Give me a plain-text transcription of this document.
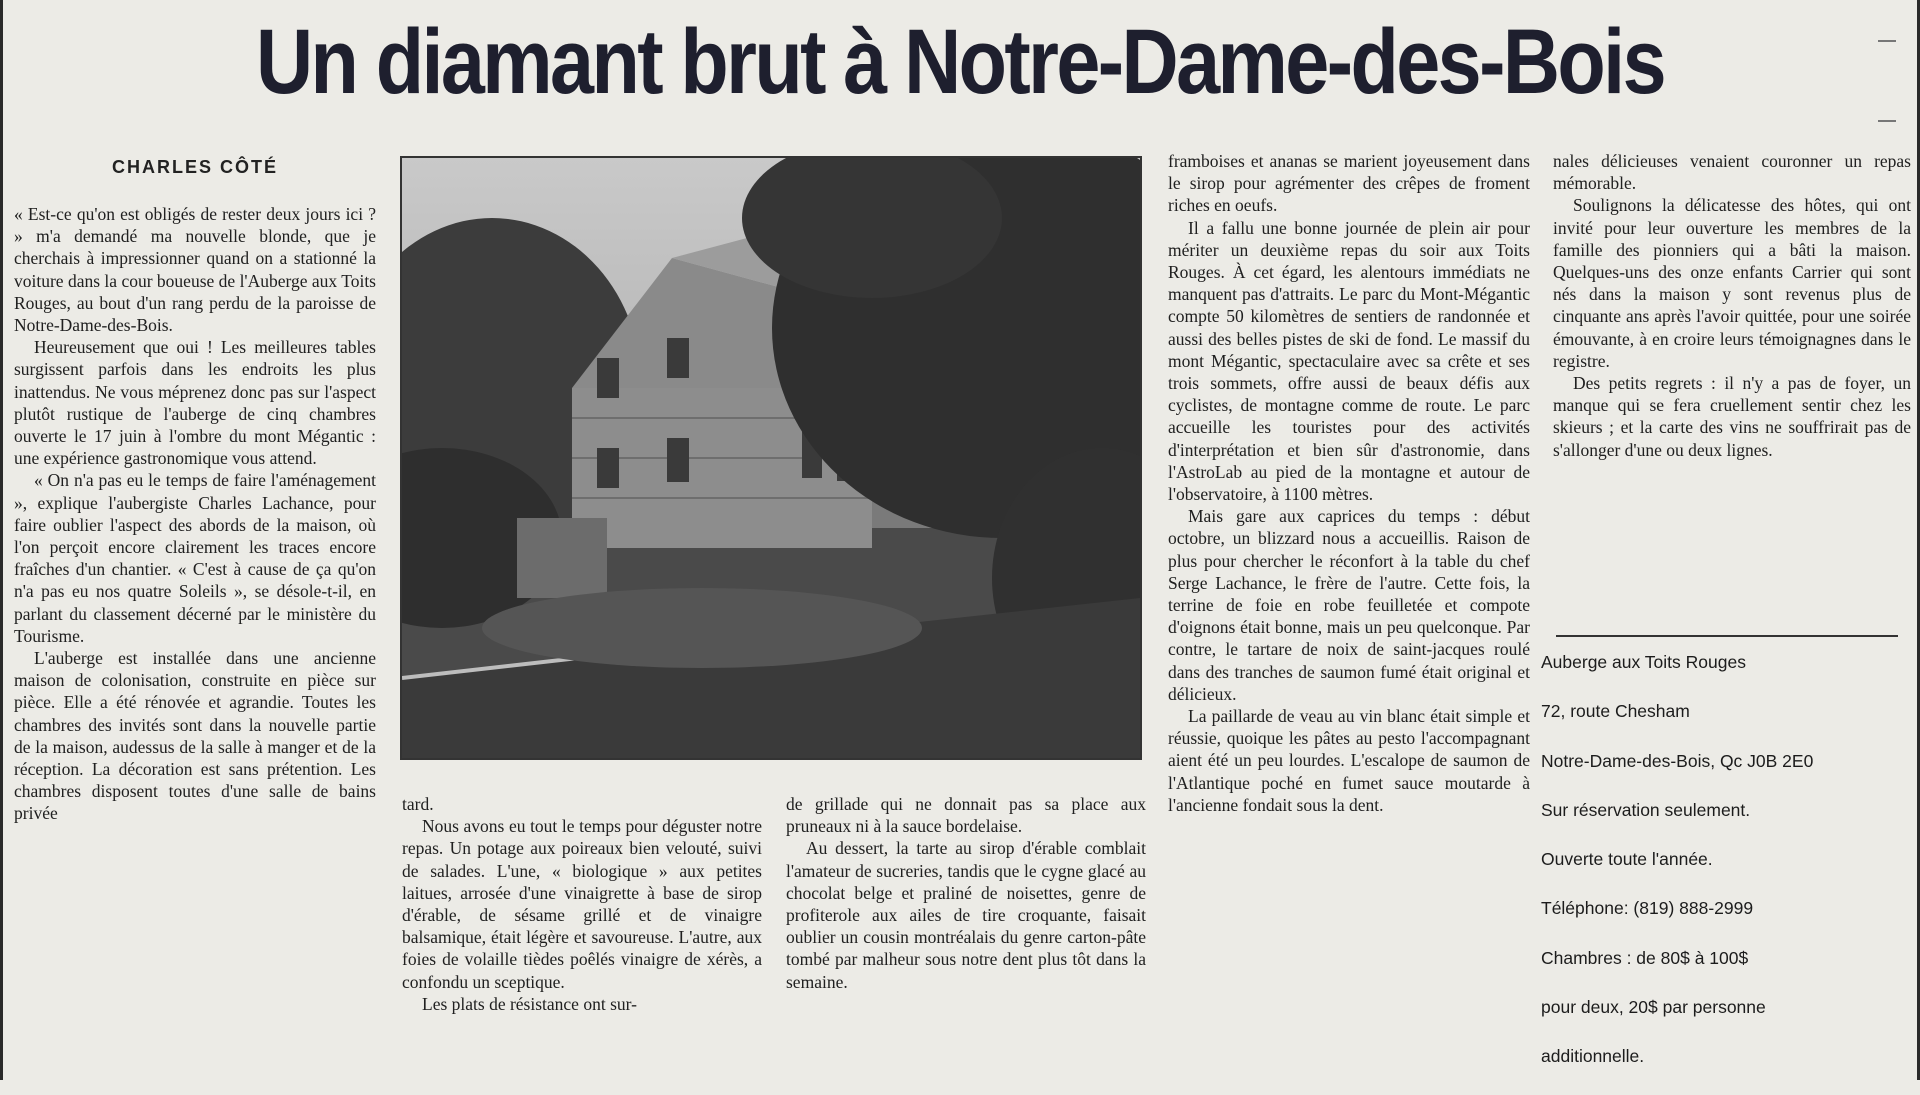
Un diamant brut à Notre-Dame-des-Bois
CHARLES CÔTÉ

« Est-ce qu'on est obligés de rester deux jours ici ? » m'a demandé ma nouvelle blonde, que je cherchais à impressionner quand on a stationné la voiture dans la cour boueuse de l'Auberge aux Toits Rouges, au bout d'un rang perdu de la paroisse de Notre-Dame-des-Bois.

Heureusement que oui ! Les meilleures tables surgissent parfois dans les endroits les plus inattendus. Ne vous méprenez donc pas sur l'aspect plutôt rustique de l'auberge de cinq chambres ouverte le 17 juin à l'ombre du mont Mégantic : une expérience gastronomique vous attend.

« On n'a pas eu le temps de faire l'aménagement », explique l'aubergiste Charles Lachance, pour faire oublier l'aspect des abords de la maison, où l'on perçoit encore clairement les traces encore fraîches d'un chantier. « C'est à cause de ça qu'on n'a pas eu nos quatre Soleils », se désole-t-il, en parlant du classement décerné par le ministère du Tourisme.

L'auberge est installée dans une ancienne maison de colonisation, construite en pièce sur pièce. Elle a été rénovée et agrandie. Toutes les chambres des invités sont dans la nouvelle partie de la maison, audessus de la salle à manger et de la réception. La décoration est sans prétention. Les chambres disposent toutes d'une salle de bains privée	tard.

Nous avons eu tout le temps pour déguster notre repas. Un potage aux poireaux bien velouté, suivi de salades. L'une, « biologique » aux petites laitues, arrosée d'une vinaigrette à base de sirop d'érable, de sésame grillé et de vinaigre balsamique, était légère et savoureuse. L'autre, aux foies de volaille tièdes poêlés vinaigre de xérès, a confondu un sceptique.

Les plats de résistance ont sur-

de grillade qui ne donnait pas sa place aux pruneaux ni à la sauce bordelaise.

Au dessert, la tarte au sirop d'érable comblait l'amateur de sucreries, tandis que le cygne glacé au chocolat belge et praliné de noisettes, genre de profiterole aux ailes de tire croquante, faisait oublier un cousin montréalais du genre carton-pâte tombé par malheur sous notre dent plus tôt dans la semaine.

framboises et ananas se marient joyeusement dans le sirop pour agrémenter des crêpes de froment riches en oeufs.

Il a fallu une bonne journée de plein air pour mériter un deuxième repas du soir aux Toits Rouges. À cet égard, les alentours immédiats ne manquent pas d'attraits. Le parc du Mont-Mégantic compte 50 kilomètres de sentiers de randonnée et aussi des belles pistes de ski de fond. Le massif du mont Mégantic, spectaculaire avec sa crête et ses trois sommets, offre aussi de beaux défis aux cyclistes, de montagne comme de route. Le parc accueille les touristes pour des activités d'interprétation et bien sûr d'astronomie, dans l'AstroLab au pied de la montagne et autour de l'observatoire, à 1100 mètres.

Mais gare aux caprices du temps : début octobre, un blizzard nous a accueillis. Raison de plus pour chercher le réconfort à la table du chef Serge Lachance, le frère de l'autre. Cette fois, la terrine de foie en robe feuilletée et compote d'oignons était bonne, mais un peu quelconque. Par contre, le tartare de noix de saint-jacques roulé dans des tranches de saumon fumé était original et délicieux.

La paillarde de veau au vin blanc était simple et réussie, quoique les pâtes au pesto l'accompagnant aient été un peu lourdes. L'escalope de saumon de l'Atlantique poché en fumet sauce moutarde à l'ancienne fondait sous la dent.

nales délicieuses venaient couronner un repas mémorable.

Soulignons la délicatesse des hôtes, qui ont invité pour leur ouverture les membres de la famille des pionniers qui a bâti la maison. Quelques-uns des onze enfants Carrier qui sont nés dans la maison y sont revenus plus de cinquante ans après l'avoir quittée, pour une soirée émouvante, à en croire leurs témoignagnes dans le registre.

Des petits regrets : il n'y a pas de foyer, un manque qui se fera cruellement sentir chez les skieurs ; et la carte des vins ne souffrirait pas de s'allonger d'une ou deux lignes.

Auberge aux Toits Rouges
72, route Chesham
Notre-Dame-des-Bois, Qc J0B 2E0
Sur réservation seulement.
Ouverte toute l'année.
Téléphone: (819) 888-2999
Chambres : de 80$ à 100$
pour deux, 20$ par personne
additionnelle.
